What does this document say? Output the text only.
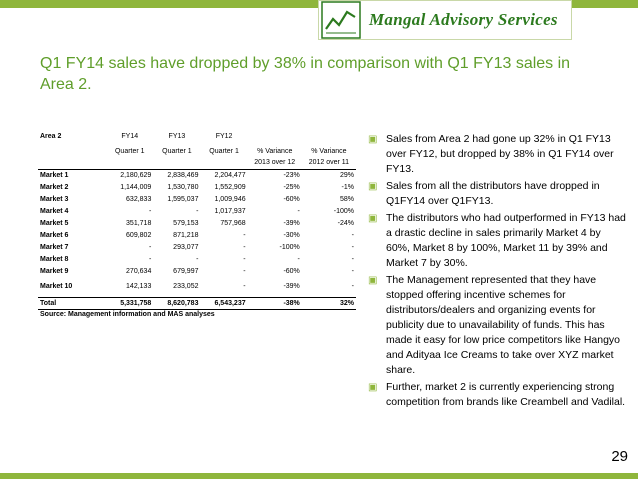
Mangal Advisory Services
Q1 FY14 sales have dropped by 38% in comparison with Q1 FY13 sales in Area 2.
Area 2	FY14	FY13	FY12		
	Quarter 1	Quarter 1	Quarter 1	% Variance	% Variance
				2013 over 12	2012 over 11
Market 1	2,180,629	2,838,469	2,204,477	-23%	29%
Market 2	1,144,009	1,530,780	1,552,909	-25%	-1%
Market 3	632,833	1,595,037	1,009,946	-60%	58%
Market 4	-	-	1,017,937	-	-100%
Market 5	351,718	579,153	757,968	-39%	-24%
Market 6	609,802	871,218	-	-30%	-
Market 7	-	293,077	-	-100%	-
Market 8	-	-	-	-	-
Market 9	270,634	679,997	-	-60%	-
Market 10	142,133	233,052	-	-39%	-
Total	5,331,758	8,620,783	6,543,237	-38%	32%
Source: Management information and MAS analyses					
▣ Sales from Area 2 had gone up 32% in Q1 FY13 over FY12, but dropped by 38% in Q1 FY14 over FY13.
▣ Sales from all the distributors have dropped in Q1FY14 over Q1FY13.
▣ The distributors who had outperformed in FY13 had a drastic decline in sales primarily Market 4 by 60%, Market 8 by 100%, Market 11 by 39% and Market 7 by 30%.
▣ The Management represented that they have stopped offering incentive schemes for distributors/dealers and organizing events for publicity due to unavailability of funds. This has made it easy for low price competitors like Hangyo and Adityaa Ice Creams to take over XYZ market share.
▣ Further, market 2 is currently experiencing strong competition from brands like Creambell and Vadilal.
29
